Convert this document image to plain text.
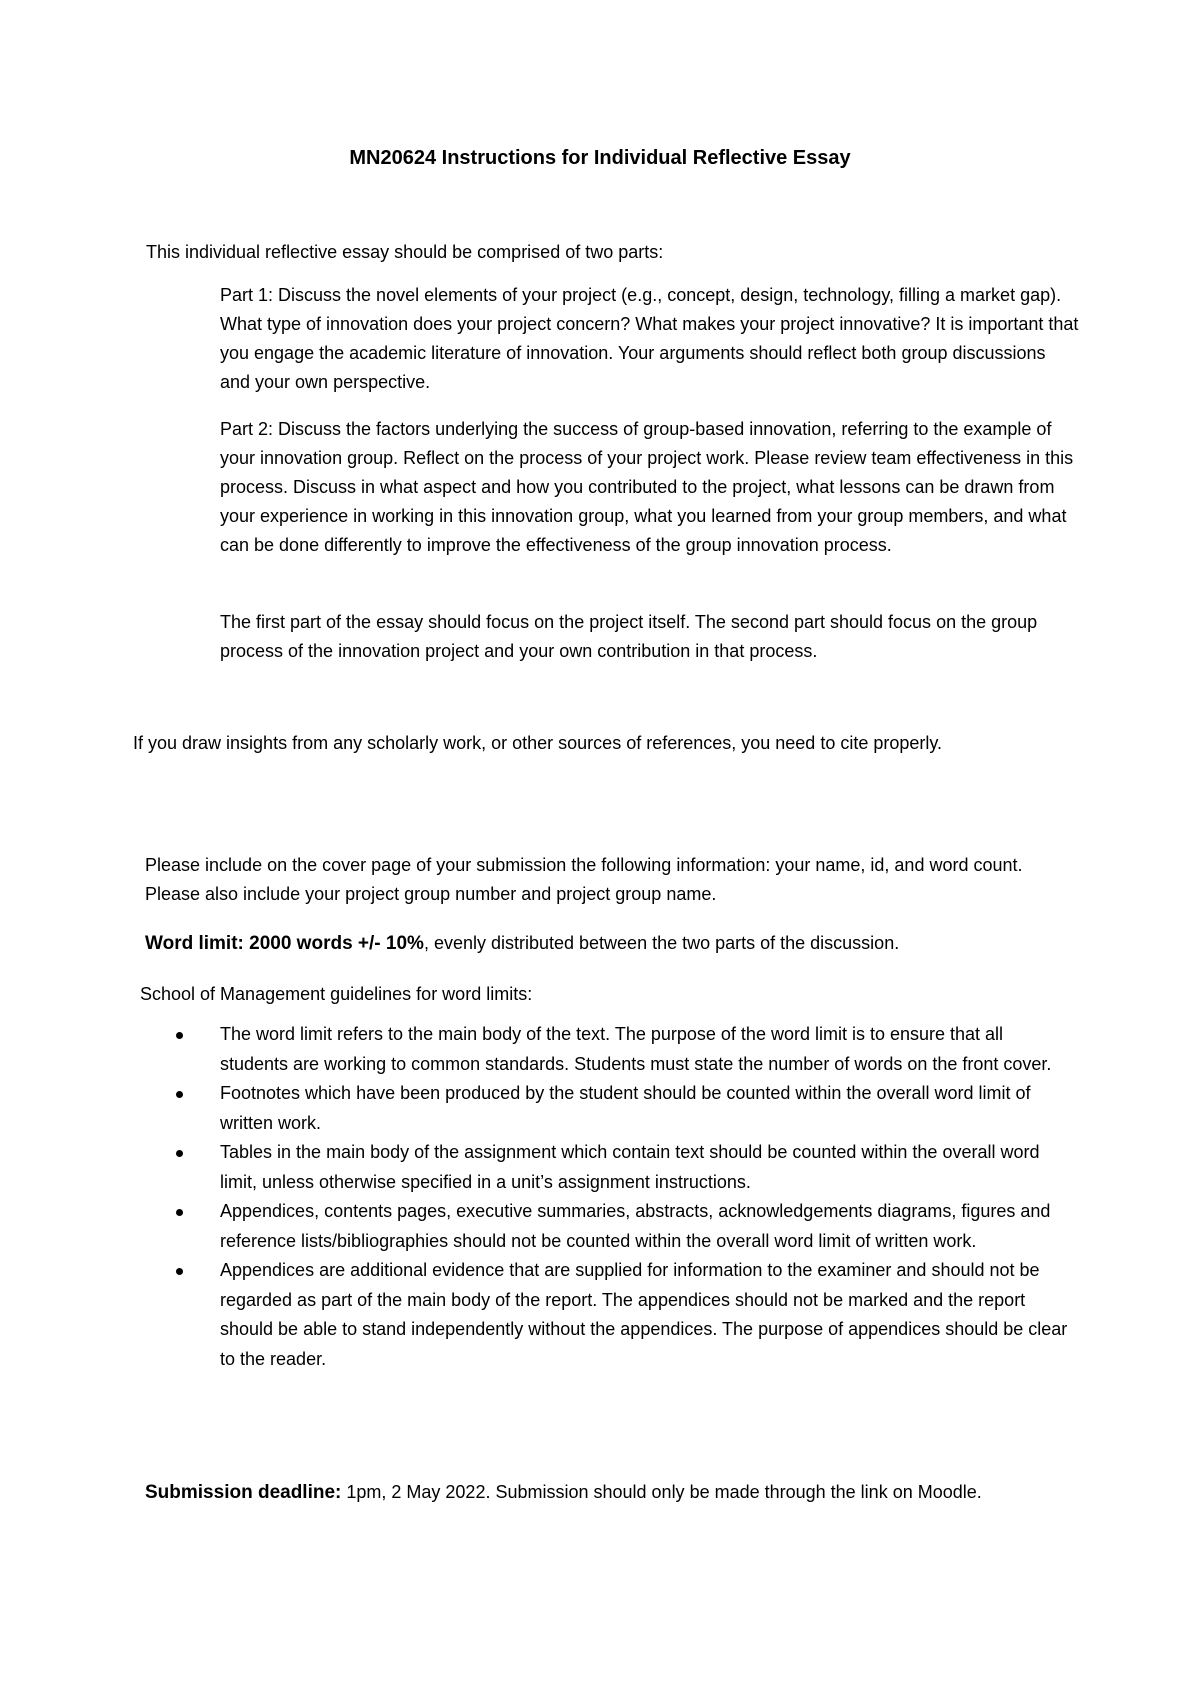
MN20624 Instructions for Individual Reflective Essay
This individual reflective essay should be comprised of two parts:
Part 1: Discuss the novel elements of your project (e.g., concept, design, technology, filling a market gap). What type of innovation does your project concern? What makes your project innovative? It is important that you engage the academic literature of innovation. Your arguments should reflect both group discussions and your own perspective.
Part 2: Discuss the factors underlying the success of group-based innovation, referring to the example of your innovation group. Reflect on the process of your project work. Please review team effectiveness in this process. Discuss in what aspect and how you contributed to the project, what lessons can be drawn from your experience in working in this innovation group, what you learned from your group members, and what can be done differently to improve the effectiveness of the group innovation process.
The first part of the essay should focus on the project itself. The second part should focus on the group process of the innovation project and your own contribution in that process.
If you draw insights from any scholarly work, or other sources of references, you need to cite properly.
Please include on the cover page of your submission the following information: your name, id, and word count. Please also include your project group number and project group name.
Word limit: 2000 words +/- 10%, evenly distributed between the two parts of the discussion.
School of Management guidelines for word limits:
The word limit refers to the main body of the text. The purpose of the word limit is to ensure that all students are working to common standards. Students must state the number of words on the front cover.
Footnotes which have been produced by the student should be counted within the overall word limit of written work.
Tables in the main body of the assignment which contain text should be counted within the overall word limit, unless otherwise specified in a unit’s assignment instructions.
Appendices, contents pages, executive summaries, abstracts, acknowledgements diagrams, figures and reference lists/bibliographies should not be counted within the overall word limit of written work.
Appendices are additional evidence that are supplied for information to the examiner and should not be regarded as part of the main body of the report. The appendices should not be marked and the report should be able to stand independently without the appendices. The purpose of appendices should be clear to the reader.
Submission deadline: 1pm, 2 May 2022. Submission should only be made through the link on Moodle.
